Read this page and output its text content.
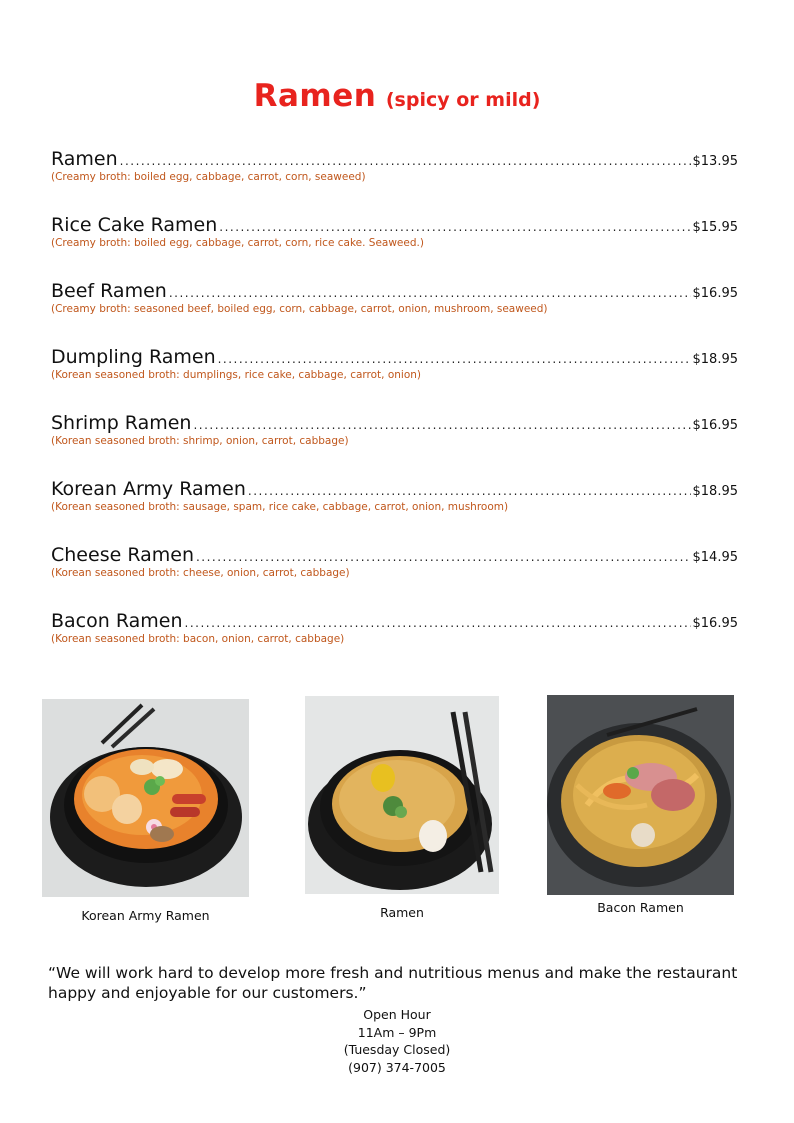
Ramen (spicy or mild)
Ramen .....	$13.95
(Creamy broth: boiled egg, cabbage, carrot, corn, seaweed)
Rice Cake Ramen .....	$15.95
(Creamy broth: boiled egg, cabbage, carrot, corn, rice cake. Seaweed.)
Beef Ramen .....	$16.95
(Creamy broth: seasoned beef, boiled egg, corn, cabbage, carrot, onion, mushroom, seaweed)
Dumpling Ramen .....	$18.95
(Korean seasoned broth: dumplings, rice cake, cabbage, carrot, onion)
Shrimp Ramen .....	$16.95
(Korean seasoned broth: shrimp, onion, carrot, cabbage)
Korean Army Ramen .....	$18.95
(Korean seasoned broth: sausage, spam, rice cake, cabbage, carrot, onion, mushroom)
Cheese Ramen .....	$14.95
(Korean seasoned broth: cheese, onion, carrot, cabbage)
Bacon Ramen .....	$16.95
(Korean seasoned broth: bacon, onion, carrot, cabbage)
Korean Army Ramen	Ramen	Bacon Ramen
“We will work hard to develop more fresh and nutritious menus and make the restaurant happy and enjoyable for our customers.”
Open Hour
11Am – 9Pm
(Tuesday Closed)
(907) 374-7005
